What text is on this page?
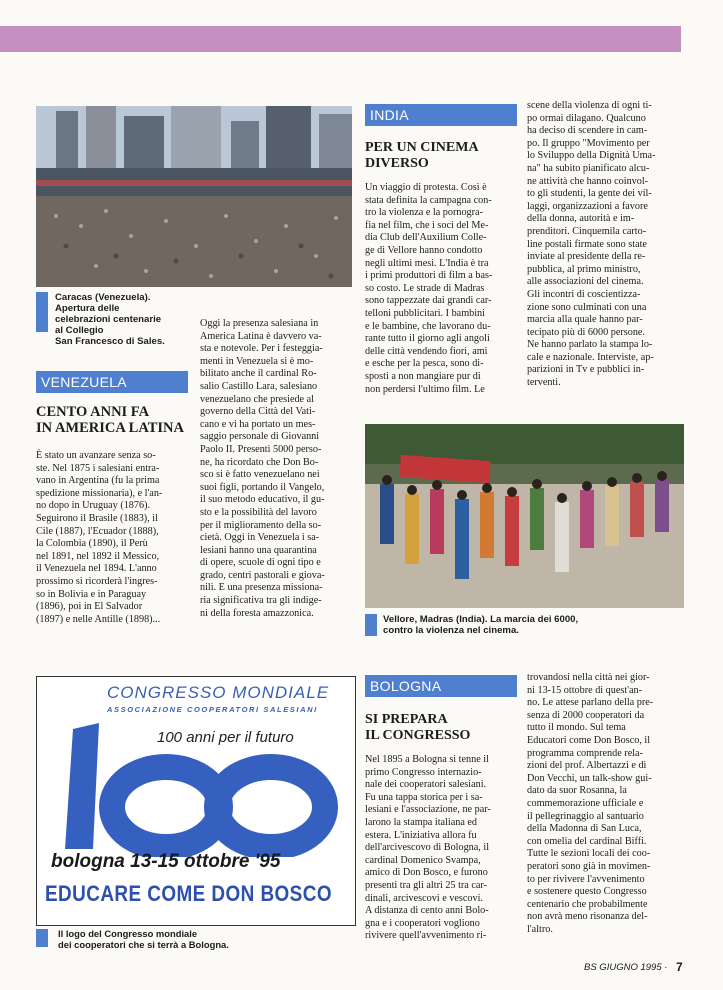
Caracas (Venezuela).
Apertura delle
celebrazioni centenarie
al Collegio
San Francesco di Sales.
VENEZUELA
CENTO ANNI FA
IN AMERICA LATINA
È stato un avanzare senza so-
ste. Nel 1875 i salesiani entra-
vano in Argentina (fu la prima
spedizione missionaria), e l'an-
no dopo in Uruguay (1876).
Seguirono il Brasile (1883), il
Cile (1887), l'Ecuador (1888),
la Colombia (1890), il Perù
nel 1891, nel 1892 il Messico,
il Venezuela nel 1894. L'anno
prossimo si ricorderà l'ingres-
so in Bolivia e in Paraguay
(1896), poi in El Salvador
(1897) e nelle Antille (1898)...
Oggi la presenza salesiana in
America Latina è davvero va-
sta e notevole. Per i festeggia-
menti in Venezuela si è mo-
bilitato anche il cardinal Ro-
salio Castillo Lara, salesiano
venezuelano che presiede al
governo della Città del Vati-
cano e vi ha portato un mes-
saggio personale di Giovanni
Paolo II. Presenti 5000 perso-
ne, ha ricordato che Don Bo-
sco si è fatto venezuelano nei
suoi figli, portando il Vangelo,
il suo metodo educativo, il gu-
sto e la possibilità del lavoro
per il miglioramento della so-
cietà. Oggi in Venezuela i sa-
lesiani hanno una quarantina
di opere, scuole di ogni tipo e
grado, centri pastorali e giova-
nili. E una presenza missiona-
ria significativa tra gli indige-
ni della foresta amazzonica.
INDIA
PER UN CINEMA
DIVERSO
Un viaggio di protesta. Così è
stata definita la campagna con-
tro la violenza e la pornogra-
fia nel film, che i soci del Me-
dia Club dell'Auxilium Colle-
ge di Vellore hanno condotto
negli ultimi mesi. L'India è tra
i primi produttori di film a bas-
so costo. Le strade di Madras
sono tappezzate dai grandi car-
telloni pubblicitari. I bambini
e le bambine, che lavorano du-
rante tutto il giorno agli angoli
delle città vendendo fiori, ami
e esche per la pesca, sono di-
sposti a non mangiare pur di
non perdersi l'ultimo film. Le
scene della violenza di ogni ti-
po ormai dilagano. Qualcuno
ha deciso di scendere in cam-
po. Il gruppo "Movimento per
lo Sviluppo della Dignità Uma-
na" ha subito pianificato alcu-
ne attività che hanno coinvol-
to gli studenti, la gente dei vil-
laggi, organizzazioni a favore
della donna, autorità e im-
prenditori. Cinquemila carto-
line postali firmate sono state
inviate al presidente della re-
pubblica, al primo ministro,
alle associazioni del cinema.
Gli incontri di coscientizza-
zione sono culminati con una
marcia alla quale hanno par-
tecipato più di 6000 persone.
Ne hanno parlato la stampa lo-
cale e nazionale. Interviste, ap-
parizioni in Tv e pubblici in-
terventi.
Vellore, Madras (India). La marcia dei 6000,
contro la violenza nel cinema.
CONGRESSO MONDIALE
ASSOCIAZIONE COOPERATORI SALESIANI
100 anni per il futuro
bologna 13-15 ottobre '95
EDUCARE COME DON BOSCO
Il logo del Congresso mondiale
dei cooperatori che si terrà a Bologna.
BOLOGNA
SI PREPARA
IL CONGRESSO
Nel 1895 a Bologna si tenne il
primo Congresso internazio-
nale dei cooperatori salesiani.
Fu una tappa storica per i sa-
lesiani e l'associazione, ne par-
larono la stampa italiana ed
estera. L'iniziativa allora fu
dell'arcivescovo di Bologna, il
cardinal Domenico Svampa,
amico di Don Bosco, e furono
presenti tra gli altri 25 tra car-
dinali, arcivescovi e vescovi.
A distanza di cento anni Bolo-
gna e i cooperatori vogliono
rivivere quell'avvenimento ri-
trovandosi nella città nei gior-
ni 13-15 ottobre di quest'an-
no. Le attese parlano della pre-
senza di 2000 cooperatori da
tutto il mondo. Sul tema
Educatori come Don Bosco, il
programma comprende rela-
zioni del prof. Albertazzi e di
Don Vecchi, un talk-show gui-
dato da suor Rosanna, la
commemorazione ufficiale e
il pellegrinaggio al santuario
della Madonna di San Luca,
con omelia del cardinal Biffi.
Tutte le sezioni locali dei coo-
peratori sono già in movimen-
to per rivivere l'avvenimento
e sostenere questo Congresso
centenario che probabilmente
non avrà meno risonanza del-
l'altro.
BS GIUGNO 1995 · 7
